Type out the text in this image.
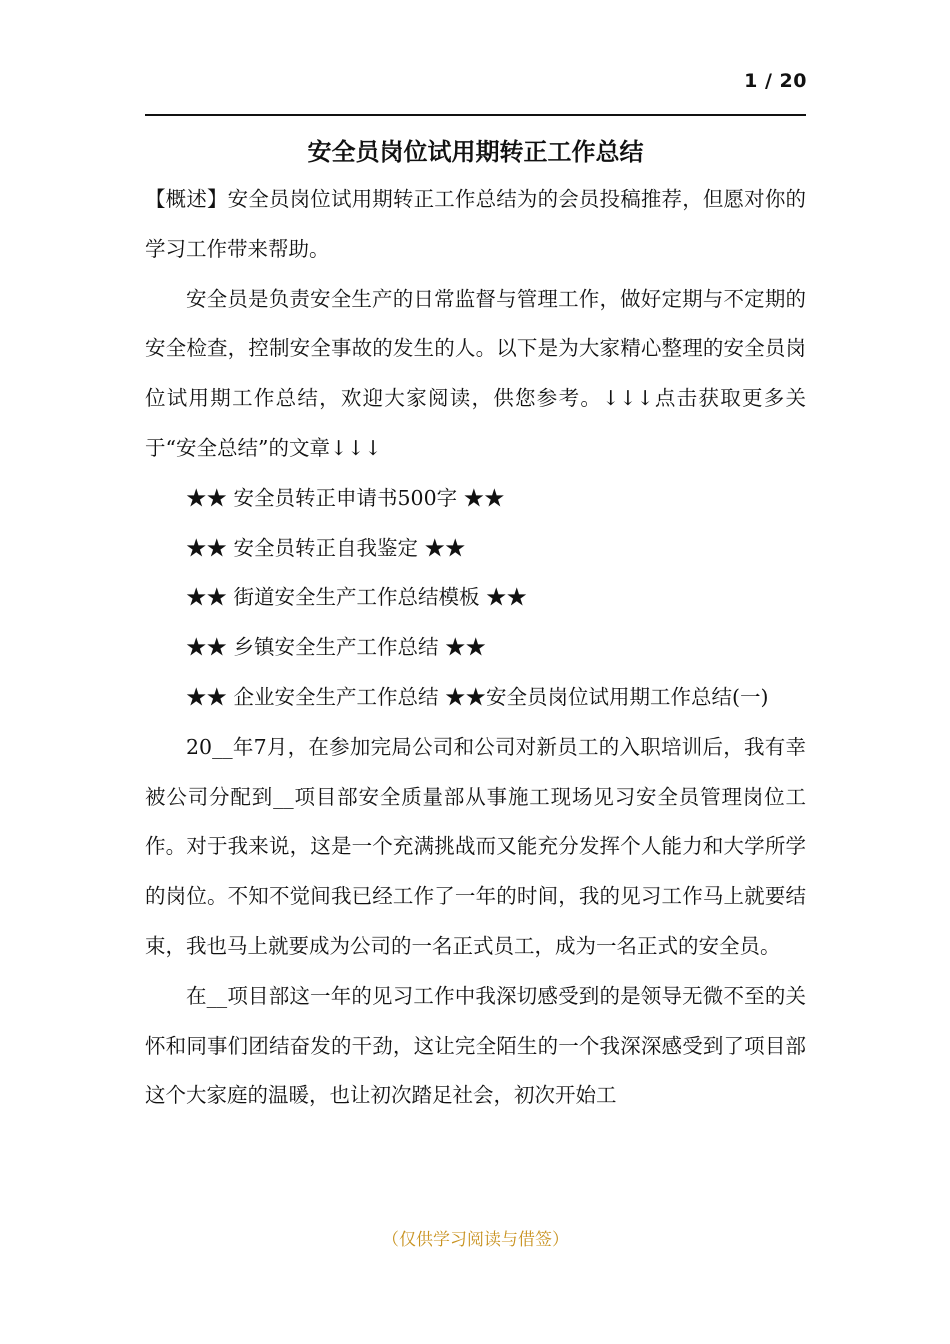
1 / 20
安全员岗位试用期转正工作总结

【概述】安全员岗位试用期转正工作总结为的会员投稿推荐，但愿对你的学习工作带来帮助。

安全员是负责安全生产的日常监督与管理工作，做好定期与不定期的安全检查，控制安全事故的发生的人。以下是为大家精心整理的安全员岗位试用期工作总结，欢迎大家阅读，供您参考。↓↓↓点击获取更多关于“安全总结”的文章↓↓↓

★★ 安全员转正申请书500字 ★★

★★ 安全员转正自我鉴定 ★★

★★ 街道安全生产工作总结模板 ★★

★★ 乡镇安全生产工作总结 ★★

★★ 企业安全生产工作总结 ★★安全员岗位试用期工作总结(一)

20__年7月，在参加完局公司和公司对新员工的入职培训后，我有幸被公司分配到__项目部安全质量部从事施工现场见习安全员管理岗位工作。对于我来说，这是一个充满挑战而又能充分发挥个人能力和大学所学的岗位。不知不觉间我已经工作了一年的时间，我的见习工作马上就要结束，我也马上就要成为公司的一名正式员工，成为一名正式的安全员。

在__项目部这一年的见习工作中我深切感受到的是领导无微不至的关怀和同事们团结奋发的干劲，这让完全陌生的一个我深深感受到了项目部这个大家庭的温暖，也让初次踏足社会，初次开始工

（仅供学习阅读与借签）
